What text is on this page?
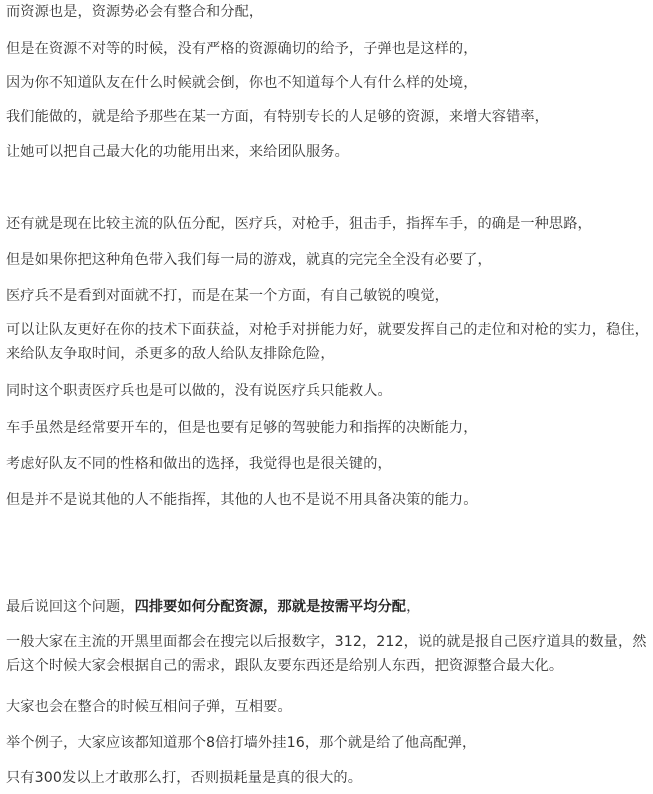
而资源也是，资源势必会有整合和分配，
但是在资源不对等的时候，没有严格的资源确切的给予，子弹也是这样的，
因为你不知道队友在什么时候就会倒，你也不知道每个人有什么样的处境，
我们能做的，就是给予那些在某一方面，有特别专长的人足够的资源，来增大容错率，
让她可以把自己最大化的功能用出来，来给团队服务。
还有就是现在比较主流的队伍分配，医疗兵，对枪手，狙击手，指挥车手，的确是一种思路，
但是如果你把这种角色带入我们每一局的游戏，就真的完完全全没有必要了，
医疗兵不是看到对面就不打，而是在某一个方面，有自己敏锐的嗅觉，
可以让队友更好在你的技术下面获益，对枪手对拼能力好，就要发挥自己的走位和对枪的实力，稳住，来给队友争取时间，杀更多的敌人给队友排除危险，
同时这个职责医疗兵也是可以做的，没有说医疗兵只能救人。
车手虽然是经常要开车的，但是也要有足够的驾驶能力和指挥的决断能力，
考虑好队友不同的性格和做出的选择，我觉得也是很关键的，
但是并不是说其他的人不能指挥，其他的人也不是说不用具备决策的能力。
最后说回这个问题，四排要如何分配资源，那就是按需平均分配，
一般大家在主流的开黑里面都会在搜完以后报数字，312，212，说的就是报自己医疗道具的数量，然后这个时候大家会根据自己的需求，跟队友要东西还是给别人东西，把资源整合最大化。
大家也会在整合的时候互相问子弹，互相要。
举个例子，大家应该都知道那个8倍打墙外挂16，那个就是给了他高配弹，
只有300发以上才敢那么打，否则损耗量是真的很大的。
